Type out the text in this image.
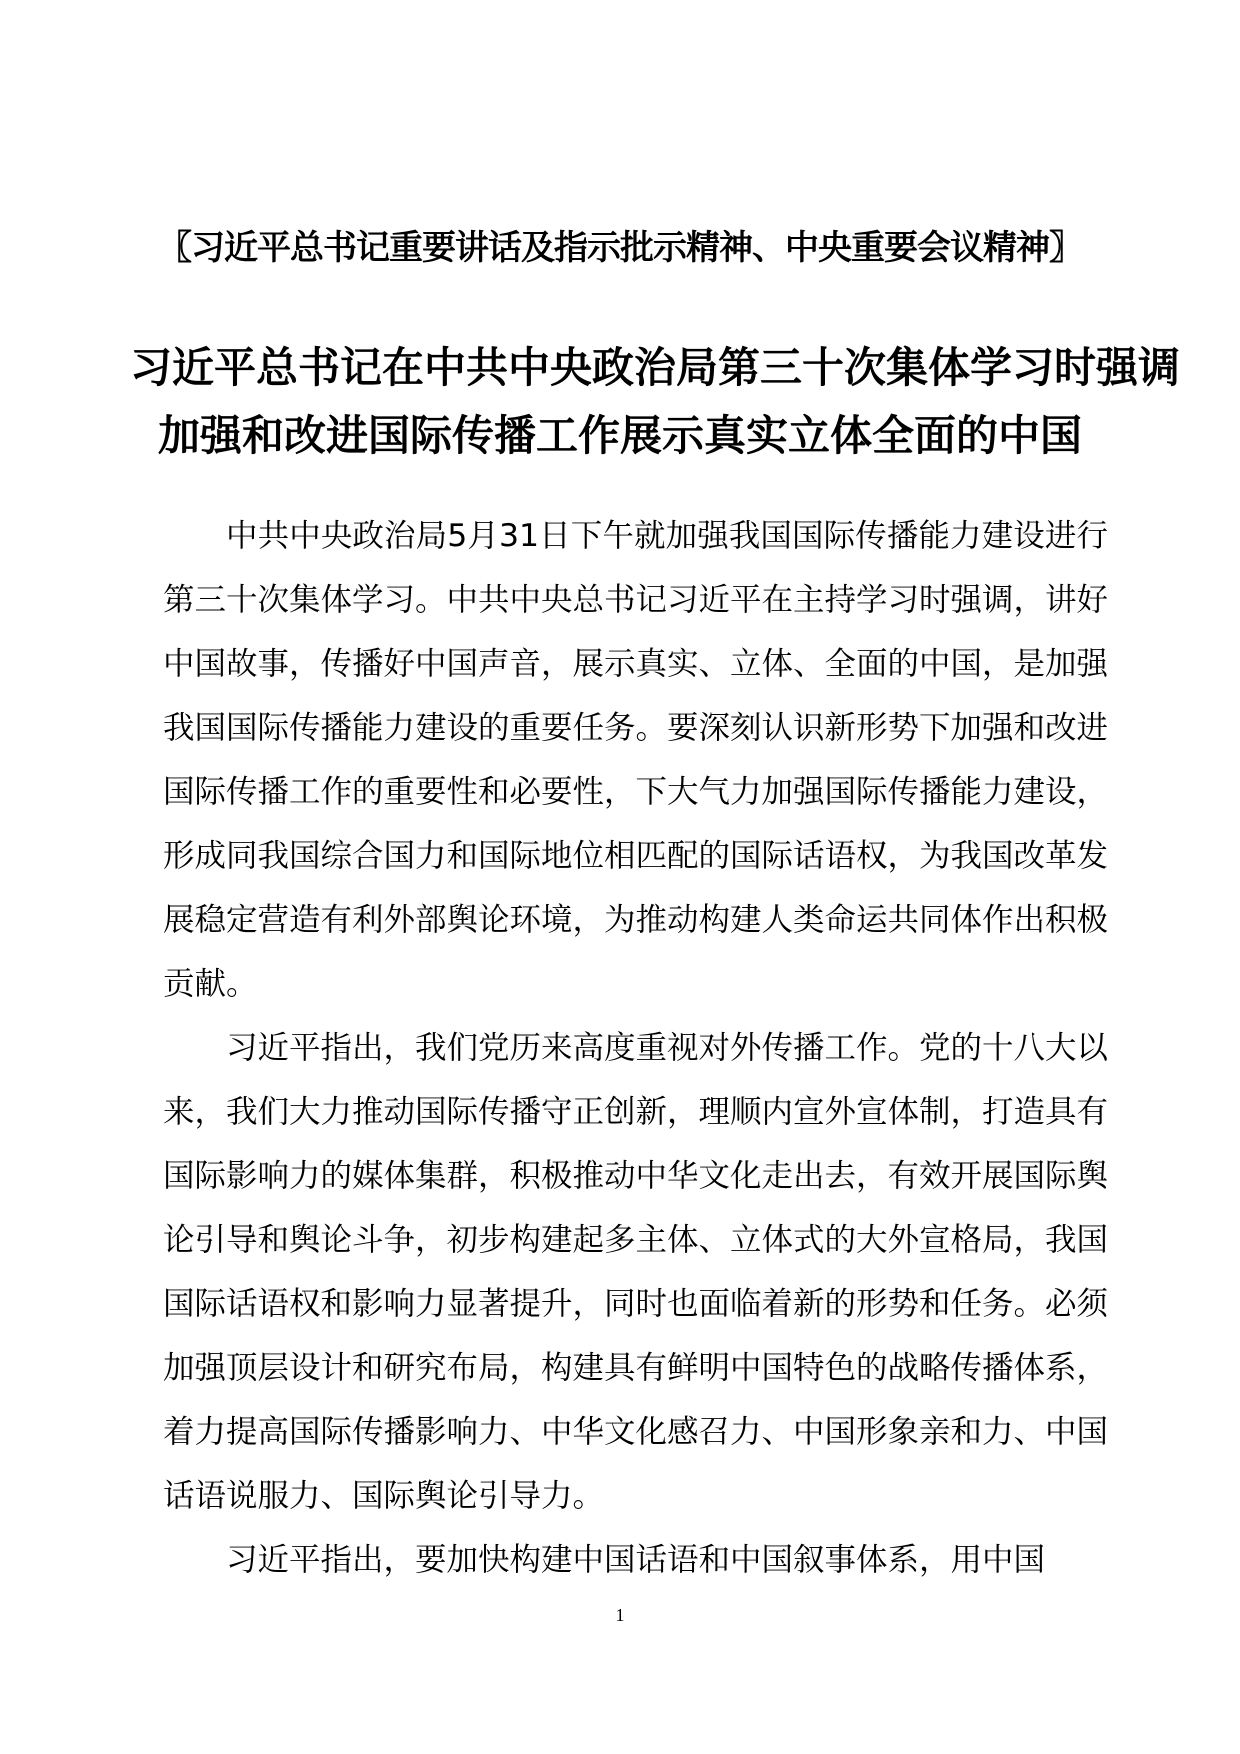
〖习近平总书记重要讲话及指示批示精神、中央重要会议精神〗
习近平总书记在中共中央政治局第三十次集体学习时强调
加强和改进国际传播工作展示真实立体全面的中国

中共中央政治局5月31日下午就加强我国国际传播能力建设进行第三十次集体学习。中共中央总书记习近平在主持学习时强调，讲好中国故事，传播好中国声音，展示真实、立体、全面的中国，是加强我国国际传播能力建设的重要任务。要深刻认识新形势下加强和改进国际传播工作的重要性和必要性，下大气力加强国际传播能力建设，形成同我国综合国力和国际地位相匹配的国际话语权，为我国改革发展稳定营造有利外部舆论环境，为推动构建人类命运共同体作出积极贡献。

习近平指出，我们党历来高度重视对外传播工作。党的十八大以来，我们大力推动国际传播守正创新，理顺内宣外宣体制，打造具有国际影响力的媒体集群，积极推动中华文化走出去，有效开展国际舆论引导和舆论斗争，初步构建起多主体、立体式的大外宣格局，我国国际话语权和影响力显著提升，同时也面临着新的形势和任务。必须加强顶层设计和研究布局，构建具有鲜明中国特色的战略传播体系，着力提高国际传播影响力、中华文化感召力、中国形象亲和力、中国话语说服力、国际舆论引导力。

习近平指出，要加快构建中国话语和中国叙事体系，用中国

1
